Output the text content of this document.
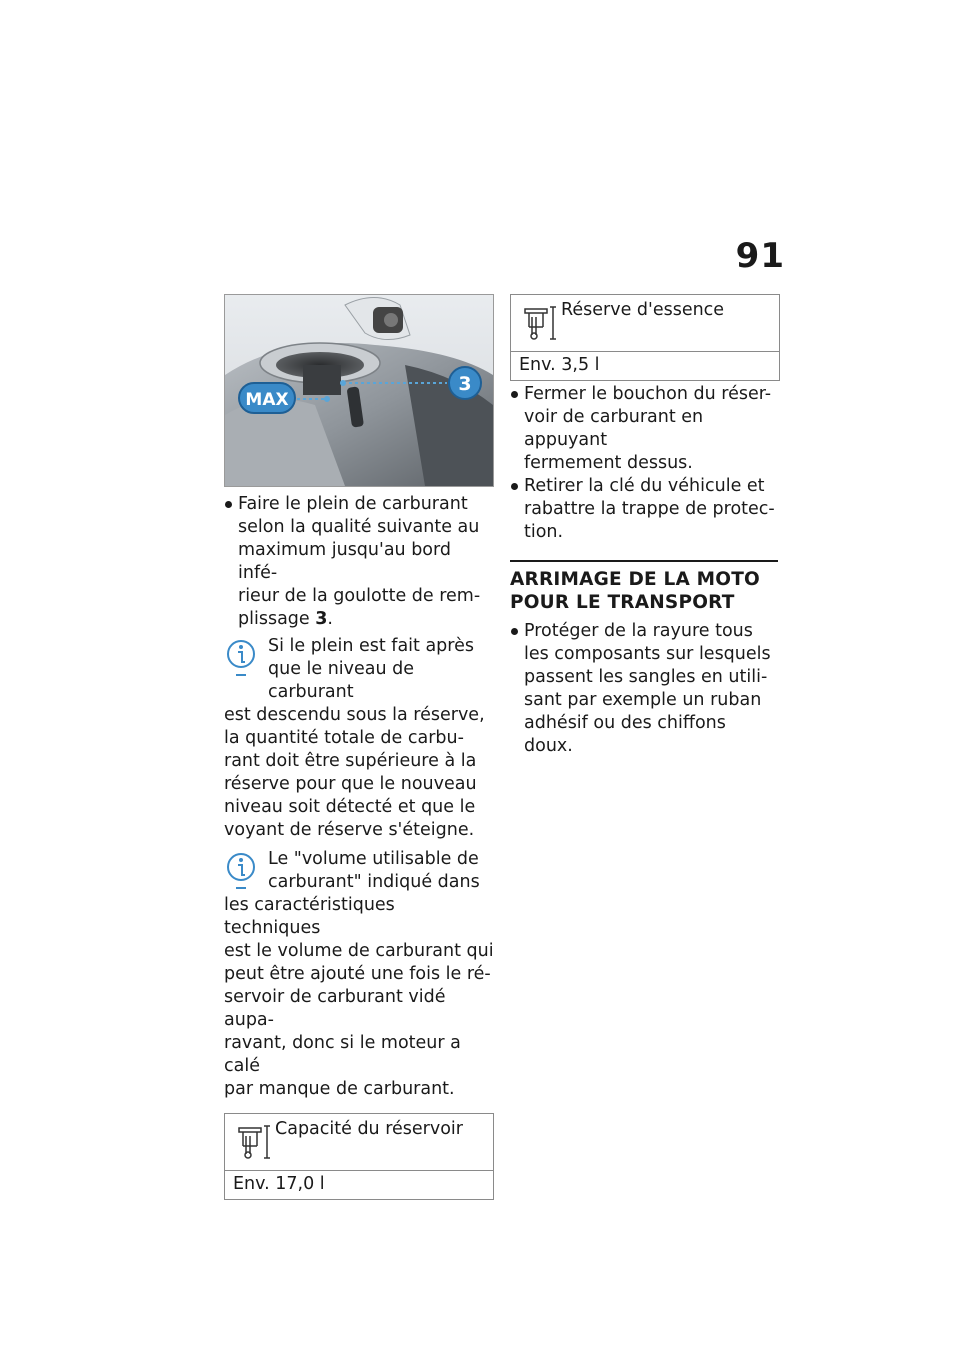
91
MAX
3

Faire le plein de carburant
selon la qualité suivante au
maximum jusqu'au bord infé-
rieur de la goulotte de rem-
plissage 3.

Si le plein est fait après
que le niveau de carburant
est descendu sous la réserve,
la quantité totale de carbu-
rant doit être supérieure à la
réserve pour que le nouveau
niveau soit détecté et que le
voyant de réserve s'éteigne.
Le "volume utilisable de
carburant" indiqué dans
les caractéristiques techniques
est le volume de carburant qui
peut être ajouté une fois le ré-
servoir de carburant vidé aupa-
ravant, donc si le moteur a calé
par manque de carburant.
Capacité du réservoir
Env. 17,0 l
Réserve d'essence
Env. 3,5 l

Fermer le bouchon du réser-
voir de carburant en appuyant
fermement dessus.

Retirer la clé du véhicule et
rabattre la trappe de protec-
tion.

ARRIMAGE DE LA MOTO
POUR LE TRANSPORT

Protéger de la rayure tous
les composants sur lesquels
passent les sangles en utili-
sant par exemple un ruban
adhésif ou des chiffons doux.
